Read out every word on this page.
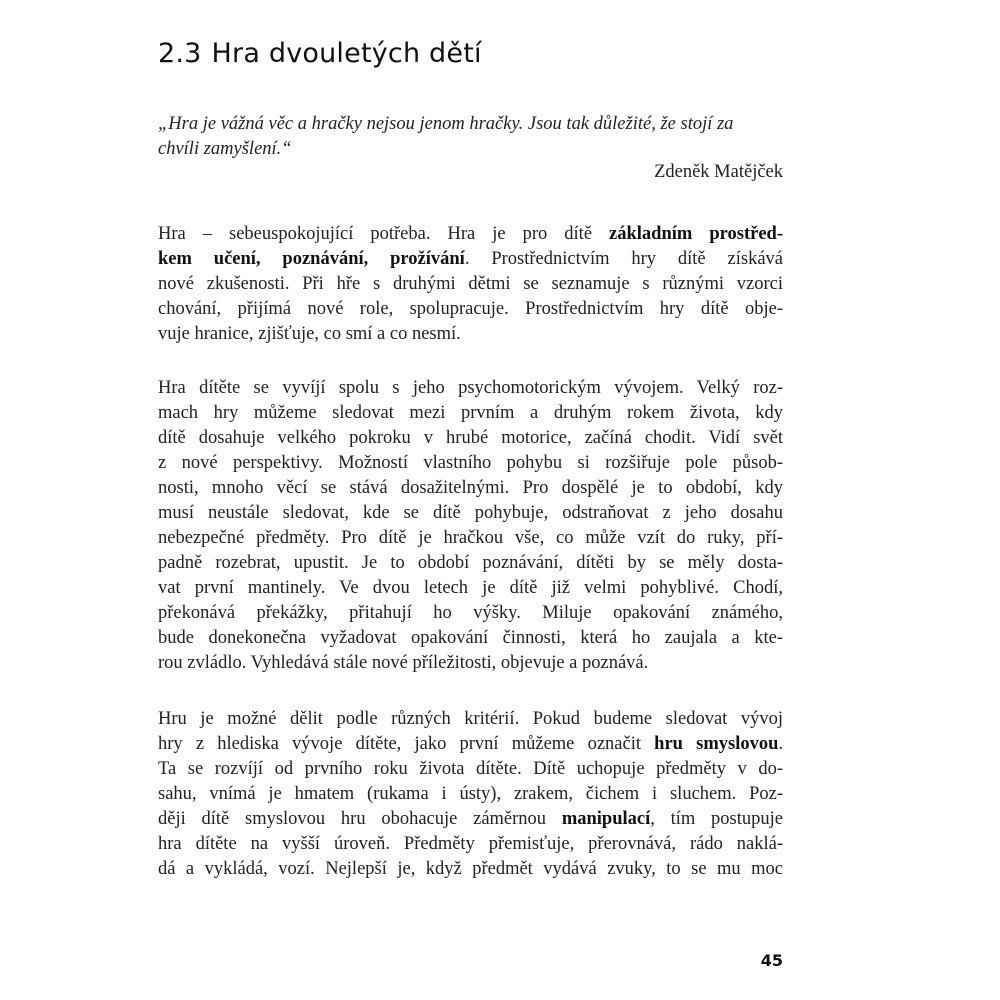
2.3 Hra dvouletých dětí
„Hra je vážná věc a hračky nejsou jenom hračky. Jsou tak důležité, že stojí za
chvíli zamyšlení.“
Zdeněk Matějček
Hra – sebeuspokojující potřeba. Hra je pro dítě základním prostřed-
kem učení, poznávání, prožívání. Prostřednictvím hry dítě získává
nové zkušenosti. Při hře s druhými dětmi se seznamuje s různými vzorci
chování, přijímá nové role, spolupracuje. Prostřednictvím hry dítě obje-
vuje hranice, zjišťuje, co smí a co nesmí.
Hra dítěte se vyvíjí spolu s jeho psychomotorickým vývojem. Velký roz-
mach hry můžeme sledovat mezi prvním a druhým rokem života, kdy
dítě dosahuje velkého pokroku v hrubé motorice, začíná chodit. Vidí svět
z nové perspektivy. Možností vlastního pohybu si rozšiřuje pole působ-
nosti, mnoho věcí se stává dosažitelnými. Pro dospělé je to období, kdy
musí neustále sledovat, kde se dítě pohybuje, odstraňovat z jeho dosahu
nebezpečné předměty. Pro dítě je hračkou vše, co může vzít do ruky, pří-
padně rozebrat, upustit. Je to období poznávání, dítěti by se měly dosta-
vat první mantinely. Ve dvou letech je dítě již velmi pohyblivé. Chodí,
překonává překážky, přitahují ho výšky. Miluje opakování známého,
bude donekonečna vyžadovat opakování činnosti, která ho zaujala a kte-
rou zvládlo. Vyhledává stále nové příležitosti, objevuje a poznává.
Hru je možné dělit podle různých kritérií. Pokud budeme sledovat vývoj
hry z hlediska vývoje dítěte, jako první můžeme označit hru smyslovou.
Ta se rozvíjí od prvního roku života dítěte. Dítě uchopuje předměty v do-
sahu, vnímá je hmatem (rukama i ústy), zrakem, čichem i sluchem. Poz-
ději dítě smyslovou hru obohacuje záměrnou manipulací, tím postupuje
hra dítěte na vyšší úroveň. Předměty přemisťuje, přerovnává, rádo naklá-
dá a vykládá, vozí. Nejlepší je, když předmět vydává zvuky, to se mu moc
45
